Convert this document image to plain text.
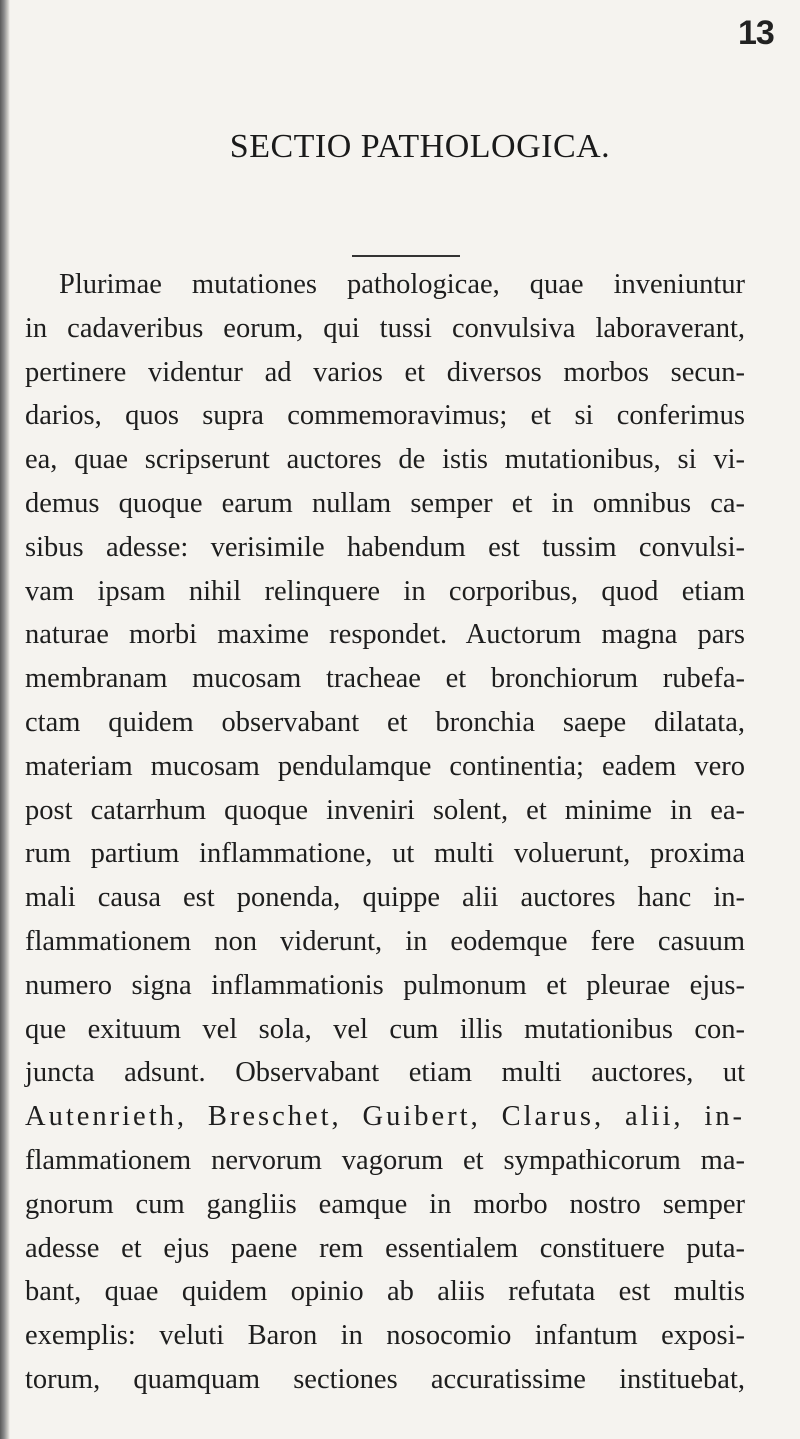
13
SECTIO PATHOLOGICA.
Plurimae mutationes pathologicae, quae inveniuntur
in cadaveribus eorum, qui tussi convulsiva laboraverant,
pertinere videntur ad varios et diversos morbos secun-
darios, quos supra commemoravimus; et si conferimus
ea, quae scripserunt auctores de istis mutationibus, si vi-
demus quoque earum nullam semper et in omnibus ca-
sibus adesse: verisimile habendum est tussim convulsi-
vam ipsam nihil relinquere in corporibus, quod etiam
naturae morbi maxime respondet. Auctorum magna pars
membranam mucosam tracheae et bronchiorum rubefa-
ctam quidem observabant et bronchia saepe dilatata,
materiam mucosam pendulamque continentia; eadem vero
post catarrhum quoque inveniri solent, et minime in ea-
rum partium inflammatione, ut multi voluerunt, proxima
mali causa est ponenda, quippe alii auctores hanc in-
flammationem non viderunt, in eodemque fere casuum
numero signa inflammationis pulmonum et pleurae ejus-
que exituum vel sola, vel cum illis mutationibus con-
juncta adsunt. Observabant etiam multi auctores, ut
Autenrieth, Breschet, Guibert, Clarus, alii, in-
flammationem nervorum vagorum et sympathicorum ma-
gnorum cum gangliis eamque in morbo nostro semper
adesse et ejus paene rem essentialem constituere puta-
bant, quae quidem opinio ab aliis refutata est multis
exemplis: veluti Baron in nosocomio infantum exposi-
torum, quamquam sectiones accuratissime instituebat,
